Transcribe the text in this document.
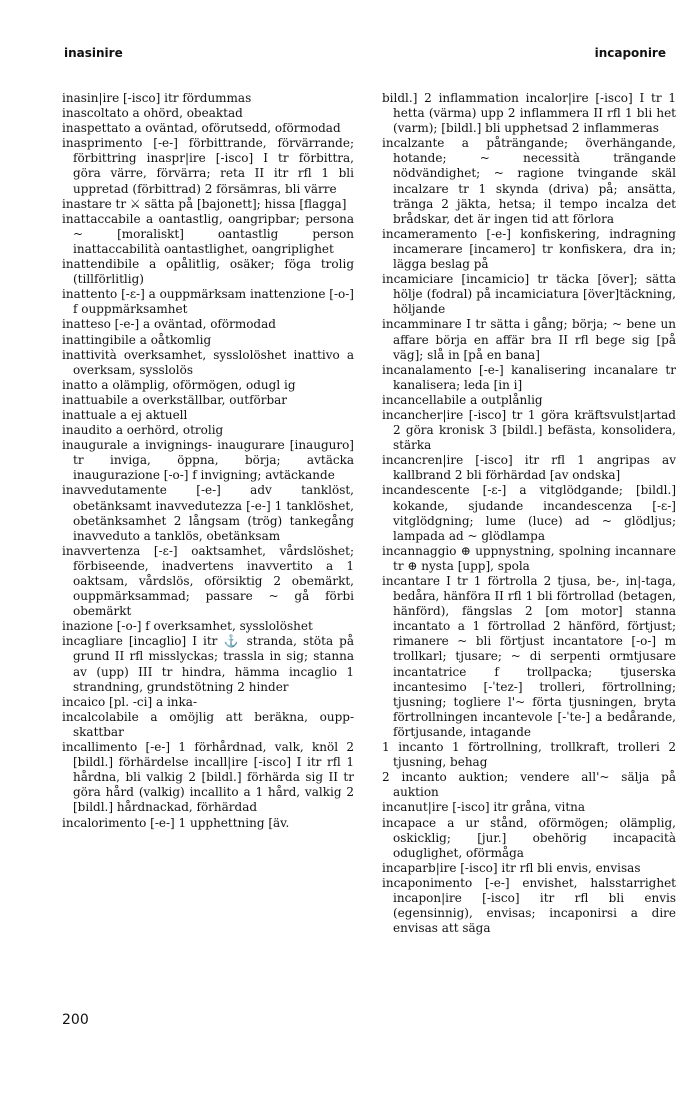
inasinire	incaponire

inasin|ire [-isco] itr fördummas

inascoltato a ohörd, obeaktad

inaspettato a oväntad, oförutsedd, oförmodad

inasprimento [-e-] förbittrande, förvärrande; förbittring inaspr|ire [-isco] I tr förbittra, göra värre, förvärra; reta II itr rfl 1 bli uppretad (förbittrad) 2 försämras, bli värre

inastare tr ⚔ sätta på [bajonett]; hissa [flagga]

inattaccabile a oantastlig, oangripbar; persona ~ [moraliskt] oantastlig person inattaccabilità oantastlighet, oangriplighet

inattendibile a opålitlig, osäker; föga trolig (tillförlitlig)

inattento [-ɛ-] a ouppmärksam inattenzione [-o-] f ouppmärksamhet

inatteso [-e-] a oväntad, oförmodad

inattingibile a oåtkomlig

inattività overksamhet, sysslolöshet inattivo a overksam, sysslolös

inatto a olämplig, oförmögen, odugl ig

inattuabile a overkställbar, outförbar

inattuale a ej aktuell

inaudito a oerhörd, otrolig

inaugurale a invignings- inaugurare [inauguro] tr inviga, öppna, börja; avtäcka inaugurazione [-o-] f invigning; avtäckande

inavvedutamente [-e-] adv tanklöst, obetänksamt inavvedutezza [-e-] 1 tanklöshet, obetänksamhet 2 långsam (trög) tankegång inavveduto a tanklös, obetänksam

inavvertenza [-ɛ-] oaktsamhet, vårdslöshet; förbiseende, inadvertens inavvertito a 1 oaktsam, vårdslös, oförsiktig 2 obemärkt, ouppmärksammad; passare ~ gå förbi obemärkt

inazione [-o-] f overksamhet, sysslolöshet

incagliare [incaglio] I itr ⚓ stranda, stöta på grund II rfl misslyckas; trassla in sig; stanna av (upp) III tr hindra, hämma incaglio 1 strandning, grundstötning 2 hinder

incaico [pl. -ci] a inka-

incalcolabile a omöjlig att beräkna, oupp-skattbar

incallimento [-e-] 1 förhårdnad, valk, knöl 2 [bildl.] förhärdelse incall|ire [-isco] I itr rfl 1 hårdna, bli valkig 2 [bildl.] förhärda sig II tr göra hård (valkig) incallito a 1 hård, valkig 2 [bildl.] hårdnackad, förhärdad

incalorimento [-e-] 1 upphettning [äv.

bildl.] 2 inflammation incalor|ire [-isco] I tr 1 hetta (värma) upp 2 inflammera II rfl 1 bli het (varm); [bildl.] bli upphetsad 2 inflammeras

incalzante a påträngande; överhängande, hotande; ~ necessità trängande nödvändighet; ~ ragione tvingande skäl incalzare tr 1 skynda (driva) på; ansätta, tränga 2 jäkta, hetsa; il tempo incalza det brådskar, det är ingen tid att förlora

incameramento [-e-] konfiskering, indragning incamerare [incamero] tr konfiskera, dra in; lägga beslag på

incamiciare [incamicio] tr täcka [över]; sätta hölje (fodral) på incamiciatura [över]täckning, höljande

incamminare I tr sätta i gång; börja; ~ bene un affare börja en affär bra II rfl bege sig [på väg]; slå in [på en bana]

incanalamento [-e-] kanalisering incanalare tr kanalisera; leda [in i]

incancellabile a outplånlig

incancher|ire [-isco] tr 1 göra kräftsvulst|artad 2 göra kronisk 3 [bildl.] befästa, konsolidera, stärka

incancren|ire [-isco] itr rfl 1 angripas av kallbrand 2 bli förhärdad [av ondska]

incandescente [-ɛ-] a vitglödgande; [bildl.] kokande, sjudande incandescenza [-ɛ-] vitglödgning; lume (luce) ad ~ glödljus; lampada ad ~ glödlampa

incannaggio ⊕ uppnystning, spolning incannare tr ⊕ nysta [upp], spola

incantare I tr 1 förtrolla 2 tjusa, be-, in|-taga, bedåra, hänföra II rfl 1 bli förtrollad (betagen, hänförd), fängslas 2 [om motor] stanna incantato a 1 förtrollad 2 hänförd, förtjust; rimanere ~ bli förtjust incantatore [-o-] m trollkarl; tjusare; ~ di serpenti ormtjusare incantatrice f trollpacka; tjuserska incantesimo [-ˈtez-] trolleri, förtrollning; tjusning; togliere l'~ förta tjusningen, bryta förtrollningen incantevole [-ˈte-] a bedårande, förtjusande, intagande

1 incanto 1 förtrollning, trollkraft, trolleri 2 tjusning, behag

2 incanto auktion; vendere all'~ sälja på auktion

incanut|ire [-isco] itr gråna, vitna

incapace a ur stånd, oförmögen; olämplig, oskicklig; [jur.] obehörig incapacità oduglighet, oförmåga

incaparb|ire [-isco] itr rfl bli envis, envisas

incaponimento [-e-] envishet, halsstarrighet incapon|ire [-isco] itr rfl bli envis (egensinnig), envisas; incaponirsi a dire envisas att säga

200
